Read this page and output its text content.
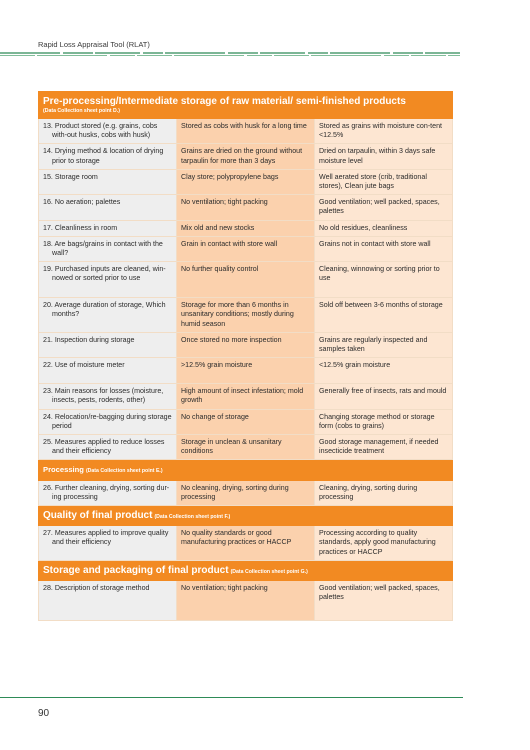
Rapid Loss Appraisal Tool (RLAT)
Pre-processing/Intermediate storage of raw material/ semi-finished products
(Data Collection sheet point D.)		

13. Product stored (e.g. grains, cobs with-out husks, cobs with husk)	Stored as cobs with husk for a long time	Stored as grains with moisture con-tent <12.5%

14. Drying method & location of drying prior to storage	Grains are dried on the ground without tarpaulin for more than 3 days	Dried on tarpaulin, within 3 days safe moisture level

15. Storage room	Clay store; polypropylene bags	Well aerated store (crib, traditional stores), Clean jute bags

16. No aeration; palettes	No ventilation; tight packing	Good ventilation; well packed, spaces, palettes

17. Cleanliness in room	Mix old and new stocks	No old residues, cleanliness

18. Are bags/grains in contact with the wall?	Grain in contact with store wall	Grains not in contact with store wall

19. Purchased inputs are cleaned, win-nowed or sorted prior to use	No further quality control	Cleaning, winnowing or sorting prior to use

20. Average duration of storage, Which months?	Storage for more than 6 months in unsanitary conditions; mostly during humid season	Sold off between 3-6 months of storage

21. Inspection during storage	Once stored no more inspection	Grains are regularly inspected and samples taken

22. Use of moisture meter	>12.5% grain moisture	<12.5% grain moisture

23. Main reasons for losses (moisture, insects, pests, rodents, other)	High amount of insect infestation; mold growth	Generally free of insects, rats and mould

24. Relocation/re-bagging during storage period	No change of storage	Changing storage method or storage form (cobs to grains)

25. Measures applied to reduce losses and their efficiency	Storage in unclean & unsanitary conditions	Good storage management, if needed insecticide treatment
Processing (Data Collection sheet point E.)		

26. Further cleaning, drying, sorting dur-ing processing	No cleaning, drying, sorting during processing	Cleaning, drying, sorting during processing
Quality of final product (Data Collection sheet point F.)		

27. Measures applied to improve quality and their efficiency	No quality standards or good manufacturing practices or HACCP	Processing according to quality standards, apply good manufacturing practices or HACCP
Storage and packaging of final product (Data Collection sheet point G.)		

28. Description of storage method	No ventilation; tight packing	Good ventilation; well packed, spaces, palettes
90
